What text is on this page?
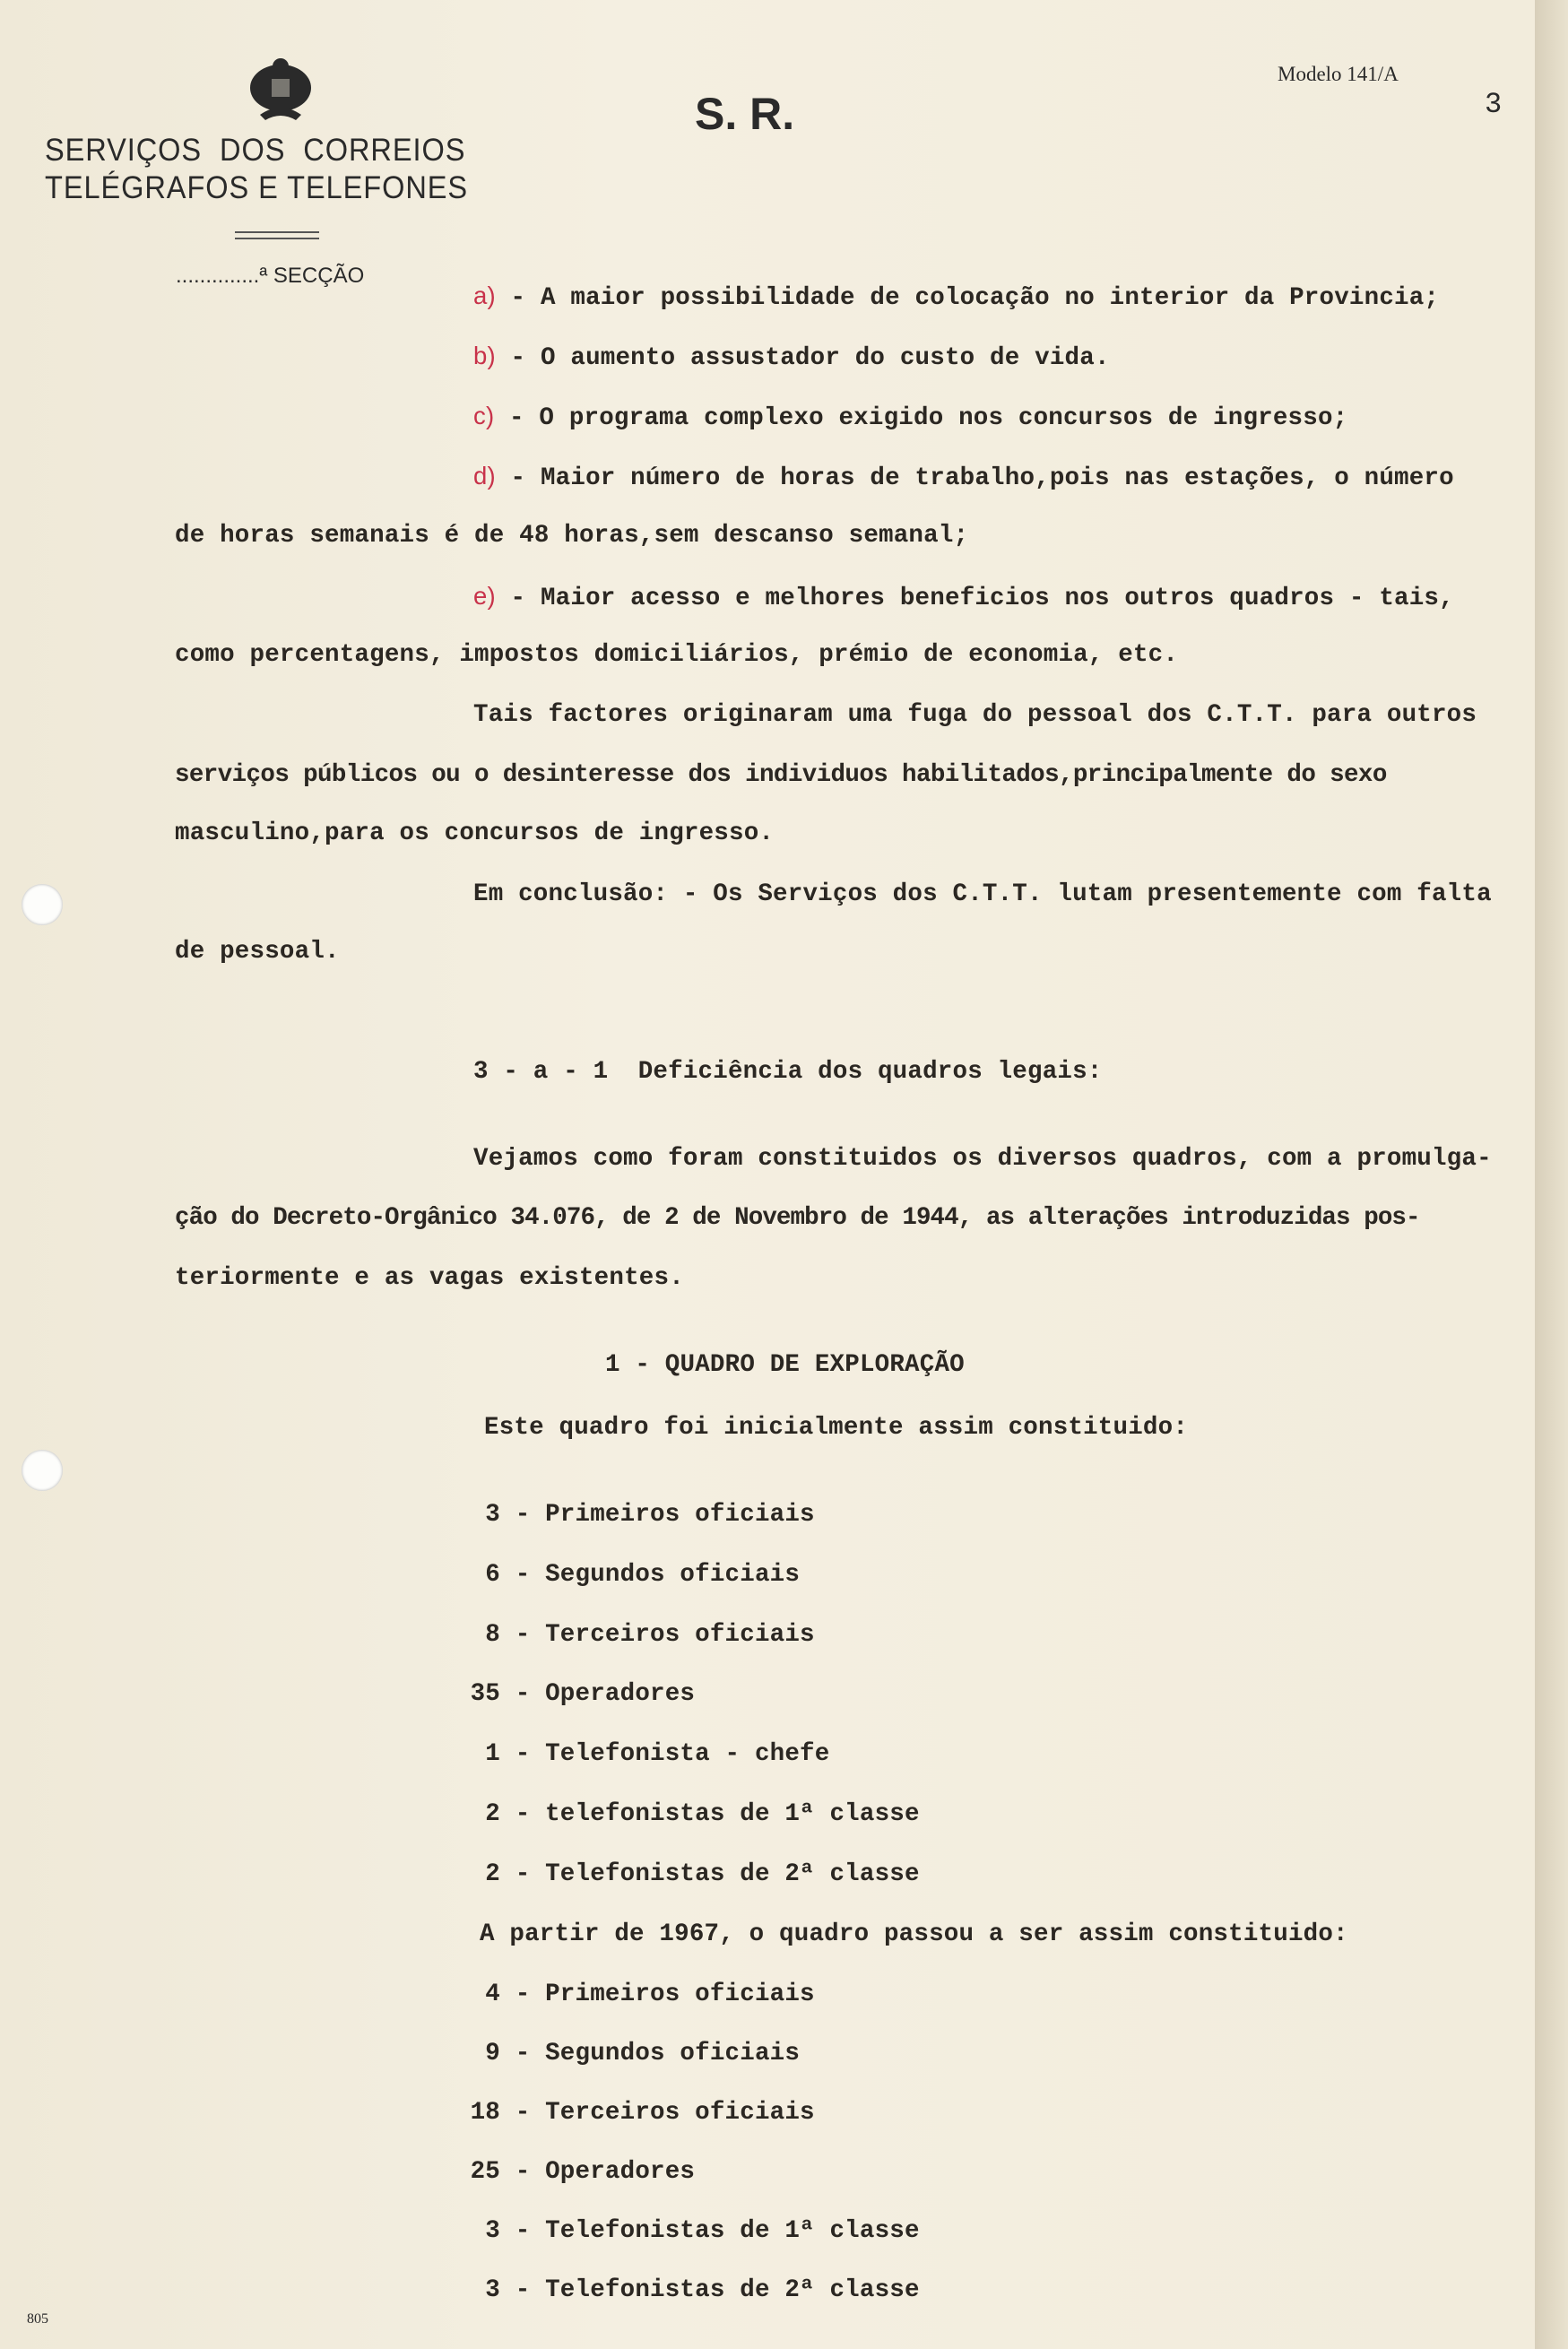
SERVIÇOS  DOS  CORREIOS
TELÉGRAFOS E TELEFONES
..............ª SECÇÃO
S. R.
Modelo 141/A
3
a) - A maior possibilidade de colocação no interior da Provincia;
b) - O aumento assustador do custo de vida.
c) - O programa complexo exigido nos concursos de ingresso;
d) - Maior número de horas de trabalho,pois nas estações, o número
de horas semanais é de 48 horas,sem descanso semanal;
e) - Maior acesso e melhores beneficios nos outros quadros - tais,
como percentagens, impostos domiciliários, prémio de economia, etc.
Tais factores originaram uma fuga do pessoal dos C.T.T. para outros
serviços públicos ou o desinteresse dos individuos habilitados,principalmente do sexo
masculino,para os concursos de ingresso.
Em conclusão: - Os Serviços dos C.T.T. lutam presentemente com falta
de pessoal.
3 - a - 1  Deficiência dos quadros legais:
Vejamos como foram constituidos os diversos quadros, com a promulga-
ção do Decreto-Orgânico 34.076, de 2 de Novembro de 1944, as alterações introduzidas pos-
teriormente e as vagas existentes.
1 - QUADRO DE EXPLORAÇÃO
Este quadro foi inicialmente assim constituido:
3 - Primeiros oficiais
6 - Segundos oficiais
8 - Terceiros oficiais
35 - Operadores
1 - Telefonista - chefe
2 - telefonistas de 1ª classe
2 - Telefonistas de 2ª classe
A partir de 1967, o quadro passou a ser assim constituido:
4 - Primeiros oficiais
9 - Segundos oficiais
18 - Terceiros oficiais
25 - Operadores
3 - Telefonistas de 1ª classe
3 - Telefonistas de 2ª classe
805
